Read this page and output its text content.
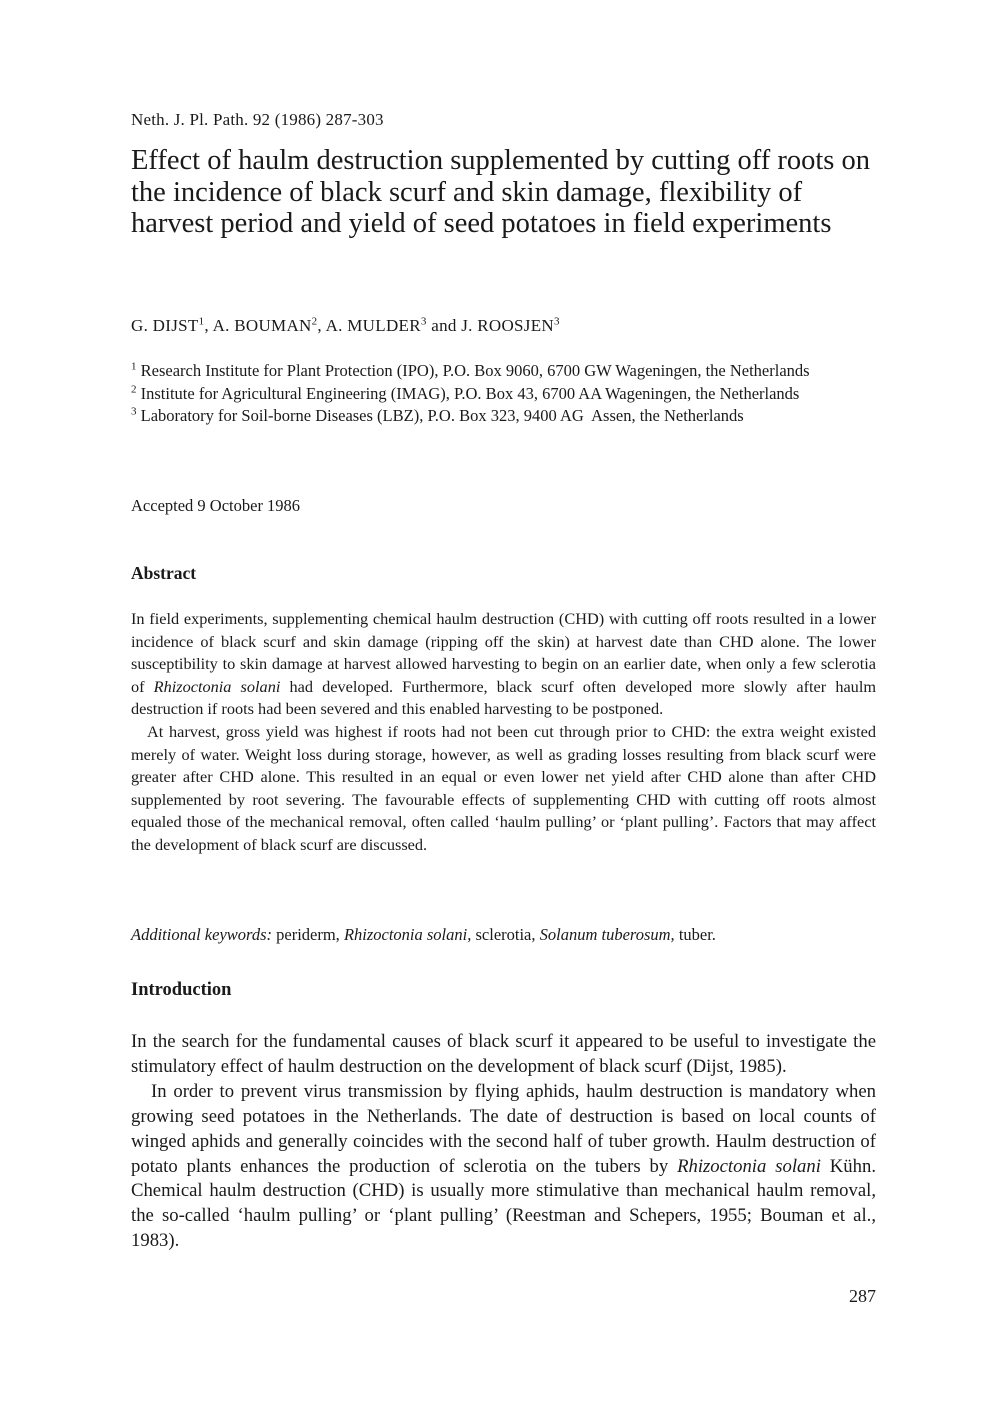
Neth. J. Pl. Path. 92 (1986) 287-303
Effect of haulm destruction supplemented by cutting off roots on the incidence of black scurf and skin damage, flexibility of harvest period and yield of seed potatoes in field experiments
G. DIJST$^1$, A. BOUMAN$^2$, A. MULDER$^3$ and J. ROOSJEN$^3$
$^1$ Research Institute for Plant Protection (IPO), P.O. Box 9060, 6700 GW Wageningen, the Netherlands
$^2$ Institute for Agricultural Engineering (IMAG), P.O. Box 43, 6700 AA Wageningen, the Netherlands
$^3$ Laboratory for Soil-borne Diseases (LBZ), P.O. Box 323, 9400 AG  Assen, the Netherlands
Accepted 9 October 1986
Abstract

In field experiments, supplementing chemical haulm destruction (CHD) with cutting off roots resulted in a lower incidence of black scurf and skin damage (ripping off the skin) at harvest date than CHD alone. The lower susceptibility to skin damage at harvest allowed harvesting to begin on an earlier date, when only a few sclerotia of Rhizoctonia solani had developed. Furthermore, black scurf often developed more slowly after haulm destruction if roots had been severed and this enabled harvesting to be postponed.

At harvest, gross yield was highest if roots had not been cut through prior to CHD: the extra weight existed merely of water. Weight loss during storage, however, as well as grading losses resulting from black scurf were greater after CHD alone. This resulted in an equal or even lower net yield after CHD alone than after CHD supplemented by root severing. The favourable effects of supplementing CHD with cutting off roots almost equaled those of the mechanical removal, often called ‘haulm pulling’ or ‘plant pulling’. Factors that may affect the development of black scurf are discussed.

Additional keywords: periderm, Rhizoctonia solani, sclerotia, Solanum tuberosum, tuber.
Introduction

In the search for the fundamental causes of black scurf it appeared to be useful to investigate the stimulatory effect of haulm destruction on the development of black scurf (Dijst, 1985).

In order to prevent virus transmission by flying aphids, haulm destruction is mandatory when growing seed potatoes in the Netherlands. The date of destruction is based on local counts of winged aphids and generally coincides with the second half of tuber growth. Haulm destruction of potato plants enhances the production of sclerotia on the tubers by Rhizoctonia solani Kühn. Chemical haulm destruction (CHD) is usually more stimulative than mechanical haulm removal, the so-called ‘haulm pulling’ or ‘plant pulling’ (Reestman and Schepers, 1955; Bouman et al., 1983).

287
